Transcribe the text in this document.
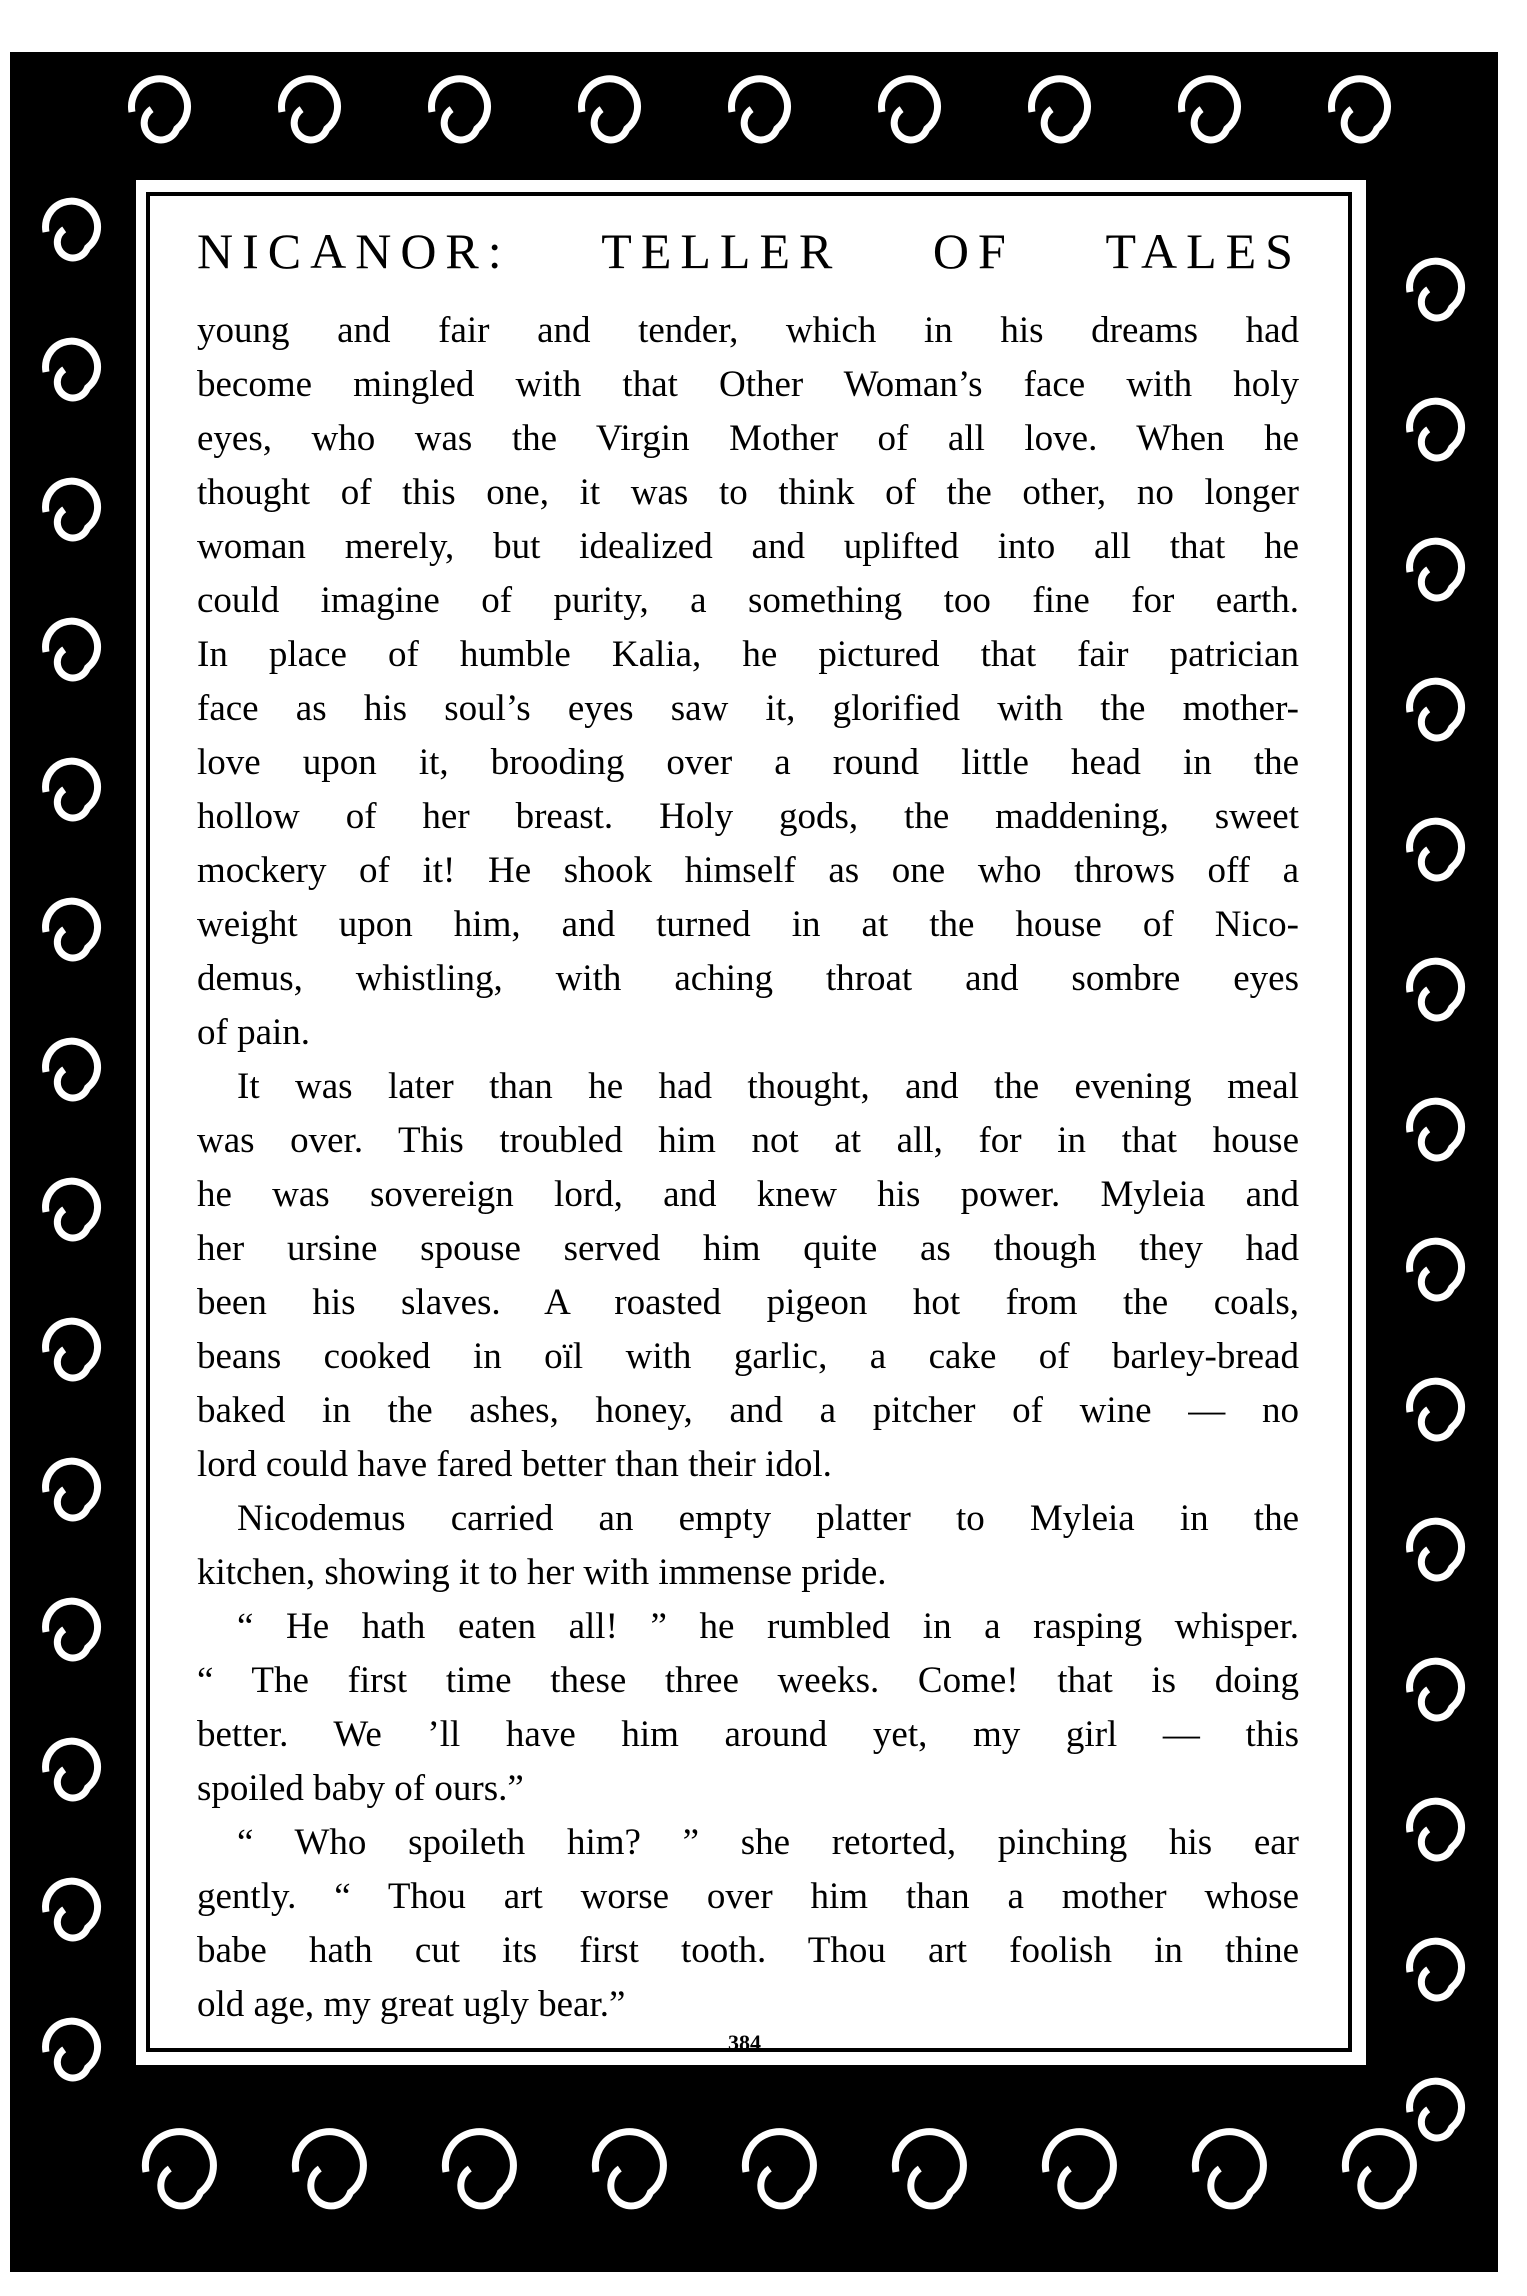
NICANOR: TELLER OF TALES
young and fair and tender, which in his dreams had
become mingled with that Other Woman’s face with holy
eyes, who was the Virgin Mother of all love. When he
thought of this one, it was to think of the other, no longer
woman merely, but idealized and uplifted into all that he
could imagine of purity, a something too fine for earth.
In place of humble Kalia, he pictured that fair patrician
face as his soul’s eyes saw it, glorified with the mother-
love upon it, brooding over a round little head in the
hollow of her breast. Holy gods, the maddening, sweet
mockery of it! He shook himself as one who throws off a
weight upon him, and turned in at the house of Nico-
demus, whistling, with aching throat and sombre eyes
of pain.
It was later than he had thought, and the evening meal
was over. This troubled him not at all, for in that house
he was sovereign lord, and knew his power. Myleia and
her ursine spouse served him quite as though they had
been his slaves. A roasted pigeon hot from the coals,
beans cooked in oïl with garlic, a cake of barley-bread
baked in the ashes, honey, and a pitcher of wine — no
lord could have fared better than their idol.
Nicodemus carried an empty platter to Myleia in the
kitchen, showing it to her with immense pride.
“ He hath eaten all! ” he rumbled in a rasping whisper.
“ The first time these three weeks. Come! that is doing
better. We ’ll have him around yet, my girl — this
spoiled baby of ours.”
“ Who spoileth him? ” she retorted, pinching his ear
gently. “ Thou art worse over him than a mother whose
babe hath cut its first tooth. Thou art foolish in thine
old age, my great ugly bear.”
384
